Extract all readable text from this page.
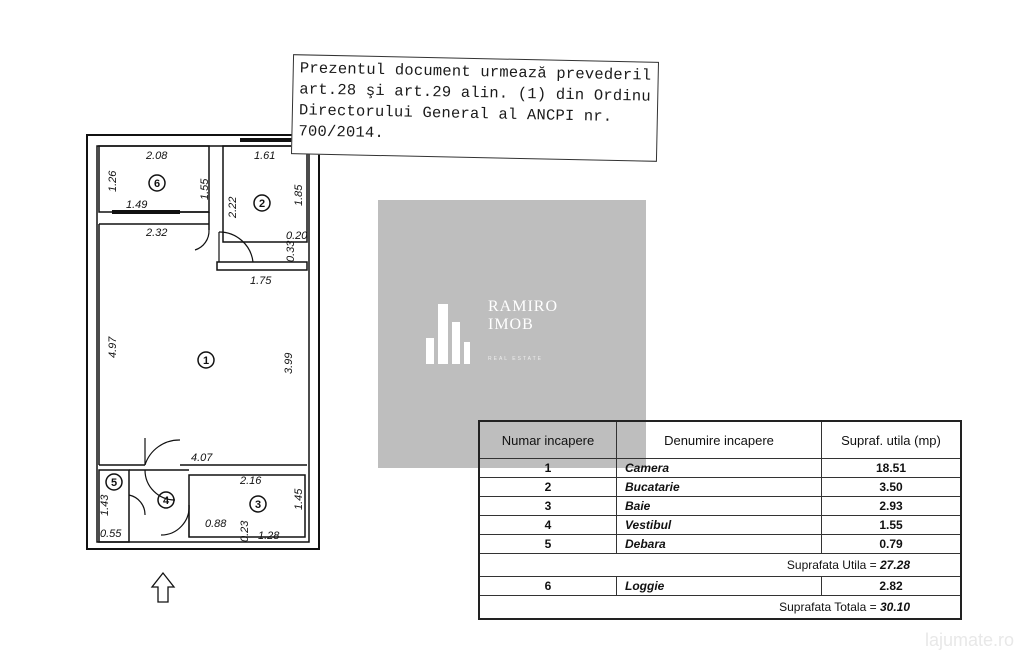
1
2
3
4
5
6
2.08
1.26	1.55
1.49
1.61
2.22
1.85
2.32	0.20
0.33
1.75
4.97
3.99
4.07
2.16
1.43	1.45
0.55
0.88
1.28
0.23
Prezentul document urmează prevederil
art.28 şi art.29 alin. (1) din Ordinu
Directorului General al ANCPI nr.
700/2014.
RAMIRO
IMOB
REAL ESTATE
Numar incapere	Denumire incapere	Supraf. utila (mp)
1	Camera	18.51
2	Bucatarie	3.50
3	Baie	2.93
4	Vestibul	1.55
5	Debara	0.79
Suprafata Utila = 27.28		
6	Loggie	2.82
Suprafata Totala = 30.10		
lajumate.ro
